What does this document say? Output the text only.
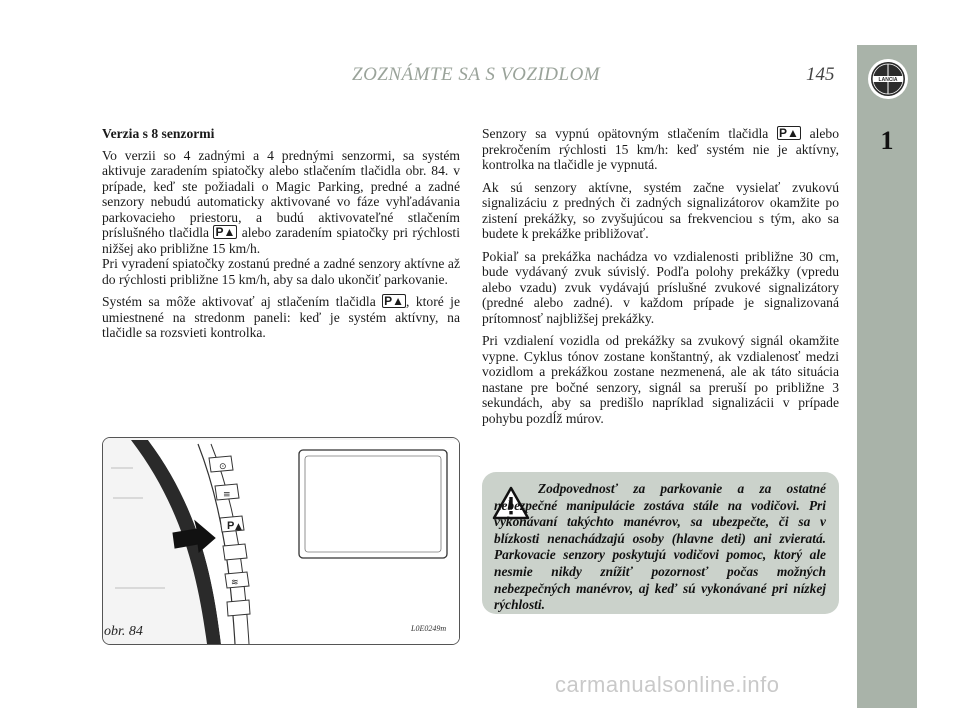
LANCIA
1
ZOZNÁMTE SA S VOZIDLOM	145

Verzia s 8 senzormi

Vo verzii so 4 zadnými a 4 prednými senzormi, sa systém aktivuje zaradením spiatočky alebo stlačením tlačidla obr. 84. v prípade, keď ste požiadali o Magic Parking, predné a zadné senzory nebudú automaticky aktivované vo fáze vyhľadávania parkovacieho priestoru, a budú aktivovateľné stlačením príslušného tlačidla P▲ alebo zaradením spiatočky pri rýchlosti nižšej ako približne 15 km/h.
Pri vyradení spiatočky zostanú predné a zadné senzory aktívne až do rýchlosti približne 15 km/h, aby sa dalo ukončiť parkovanie.

Systém sa môže aktivovať aj stlačením tlačidla P▲ , ktoré je umiestnené na stredonm paneli: keď je systém aktívny, na tlačidle sa rozsvieti kontrolka.

Senzory sa vypnú opätovným stlačením tlačidla P▲ alebo prekročením rýchlosti 15 km/h: keď systém nie je aktívny, kontrolka na tlačidle je vypnutá.

Ak sú senzory aktívne, systém začne vysielať zvukovú signalizáciu z predných či zadných signalizátorov okamžite po zistení prekážky, so zvyšujúcou sa frekvenciou s tým, ako sa budete k prekážke približovať.

Pokiaľ sa prekážka nachádza vo vzdialenosti približne 30 cm, bude vydávaný zvuk súvislý. Podľa polohy prekážky (vpredu alebo vzadu) zvuk vydávajú príslušné zvukové signalizátory (predné alebo zadné). v každom prípade je signalizovaná prítomnosť najbližšej prekážky.

Pri vzdialení vozidla od prekážky sa zvukový signál okamžite vypne. Cyklus tónov zostane konštantný, ak vzdialenosť medzi vozidlom a prekážkou zostane nezmenená, ale ak táto situácia nastane pre bočné senzory, signál sa preruší po približne 3 sekundách, aby sa predišlo napríklad signalizácii v prípade pohybu pozdĺž múrov.

⊙
≡
P ▲
≋
obr. 84	L0E0249m
Zodpovednosť za parkovanie a za ostatné nebezpečné manipulácie zostáva stále na vodičovi. Pri vykonávaní takýchto manévrov, sa ubezpečte, či sa v blízkosti nenachádzajú osoby (hlavne deti) ani zvieratá. Parkovacie senzory poskytujú vodičovi pomoc, ktorý ale nesmie nikdy znížiť pozornosť počas možných nebezpečných manévrov, aj keď sú vykonávané pri nízkej rýchlosti.
carmanualsonline.info
